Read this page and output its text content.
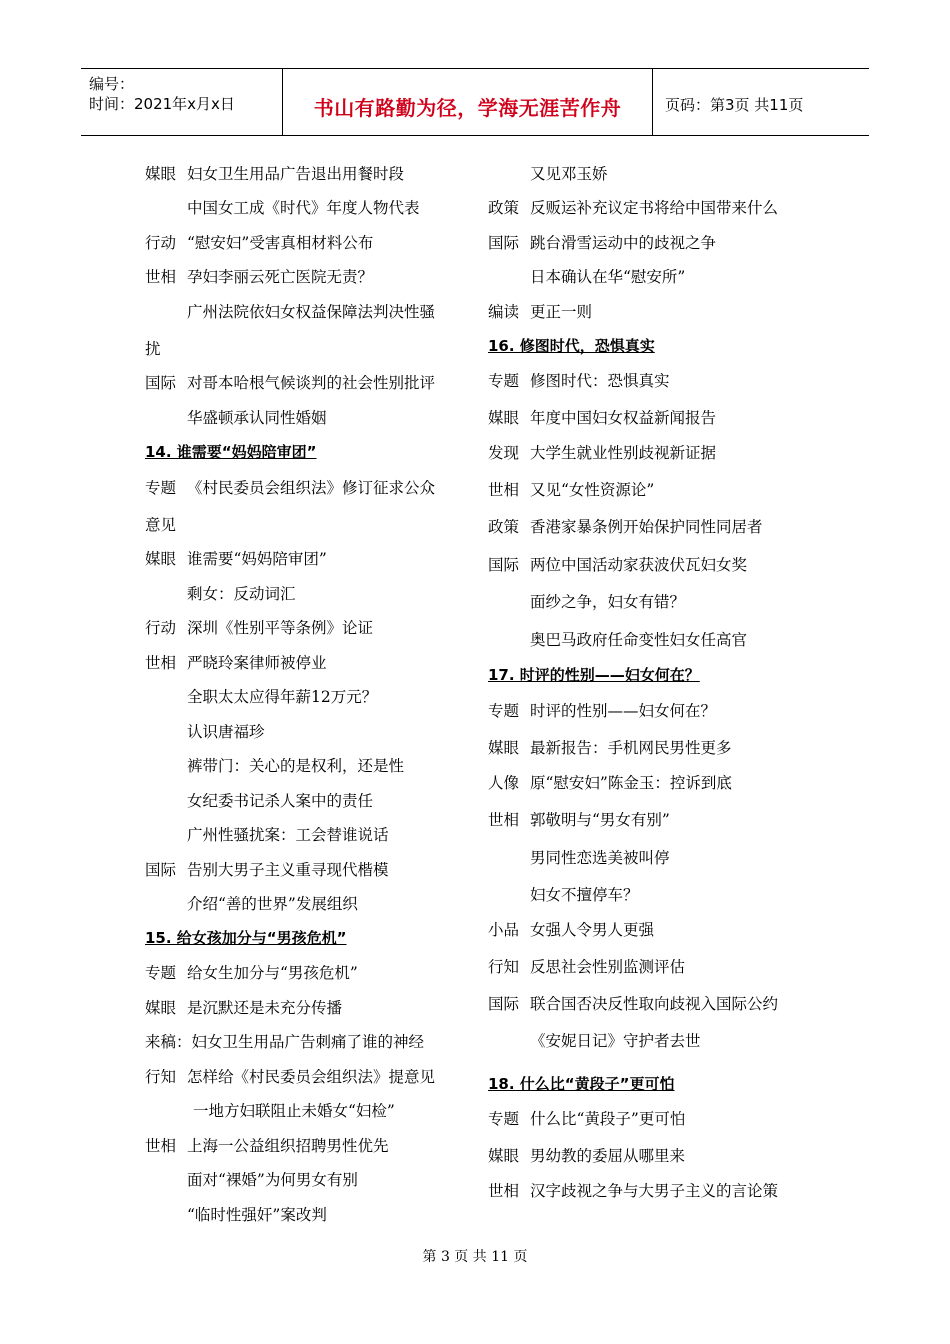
编号：
时间：2021年x月x日	书山有路勤为径，学海无涯苦作舟	页码：第3页 共11页
媒眼 妇女卫生用品广告退出用餐时段
中国女工成《时代》年度人物代表
行动 “慰安妇”受害真相材料公布
世相 孕妇李丽云死亡医院无责？
广州法院依妇女权益保障法判决性骚
扰
国际 对哥本哈根气候谈判的社会性别批评
华盛顿承认同性婚姻
14. 谁需要“妈妈陪审团”
专题 《村民委员会组织法》修订征求公众
意见
媒眼 谁需要“妈妈陪审团”
剩女：反动词汇
行动 深圳《性别平等条例》论证
世相 严晓玲案律师被停业
全职太太应得年薪12万元？
认识唐福珍
裤带门：关心的是权利，还是性
女纪委书记杀人案中的责任
广州性骚扰案：工会替谁说话
国际 告别大男子主义重寻现代楷模
介绍“善的世界”发展组织
15. 给女孩加分与“男孩危机”
专题 给女生加分与“男孩危机”
媒眼 是沉默还是未充分传播
来稿：妇女卫生用品广告刺痛了谁的神经
行知 怎样给《村民委员会组织法》提意见
一地方妇联阻止未婚女“妇检”
世相 上海一公益组织招聘男性优先
面对“裸婚”为何男女有别
“临时性强奸”案改判
又见邓玉娇
政策 反贩运补充议定书将给中国带来什么
国际 跳台滑雪运动中的歧视之争
日本确认在华“慰安所”
编读 更正一则
16. 修图时代，恐惧真实
专题 修图时代：恐惧真实
媒眼 年度中国妇女权益新闻报告
发现 大学生就业性别歧视新证据
世相 又见“女性资源论”
政策 香港家暴条例开始保护同性同居者
国际 两位中国活动家获波伏瓦妇女奖
面纱之争，妇女有错？
奥巴马政府任命变性妇女任高官
17. 时评的性别——妇女何在？
专题 时评的性别——妇女何在？
媒眼 最新报告：手机网民男性更多
人像 原“慰安妇”陈金玉：控诉到底
世相 郭敬明与“男女有别”
男同性恋选美被叫停
妇女不擅停车？
小品 女强人令男人更强
行知 反思社会性别监测评估
国际 联合国否决反性取向歧视入国际公约
《安妮日记》守护者去世
18. 什么比“黄段子”更可怕
专题 什么比“黄段子”更可怕
媒眼 男幼教的委屈从哪里来
世相 汉字歧视之争与大男子主义的言论策
第 3 页 共 11 页
